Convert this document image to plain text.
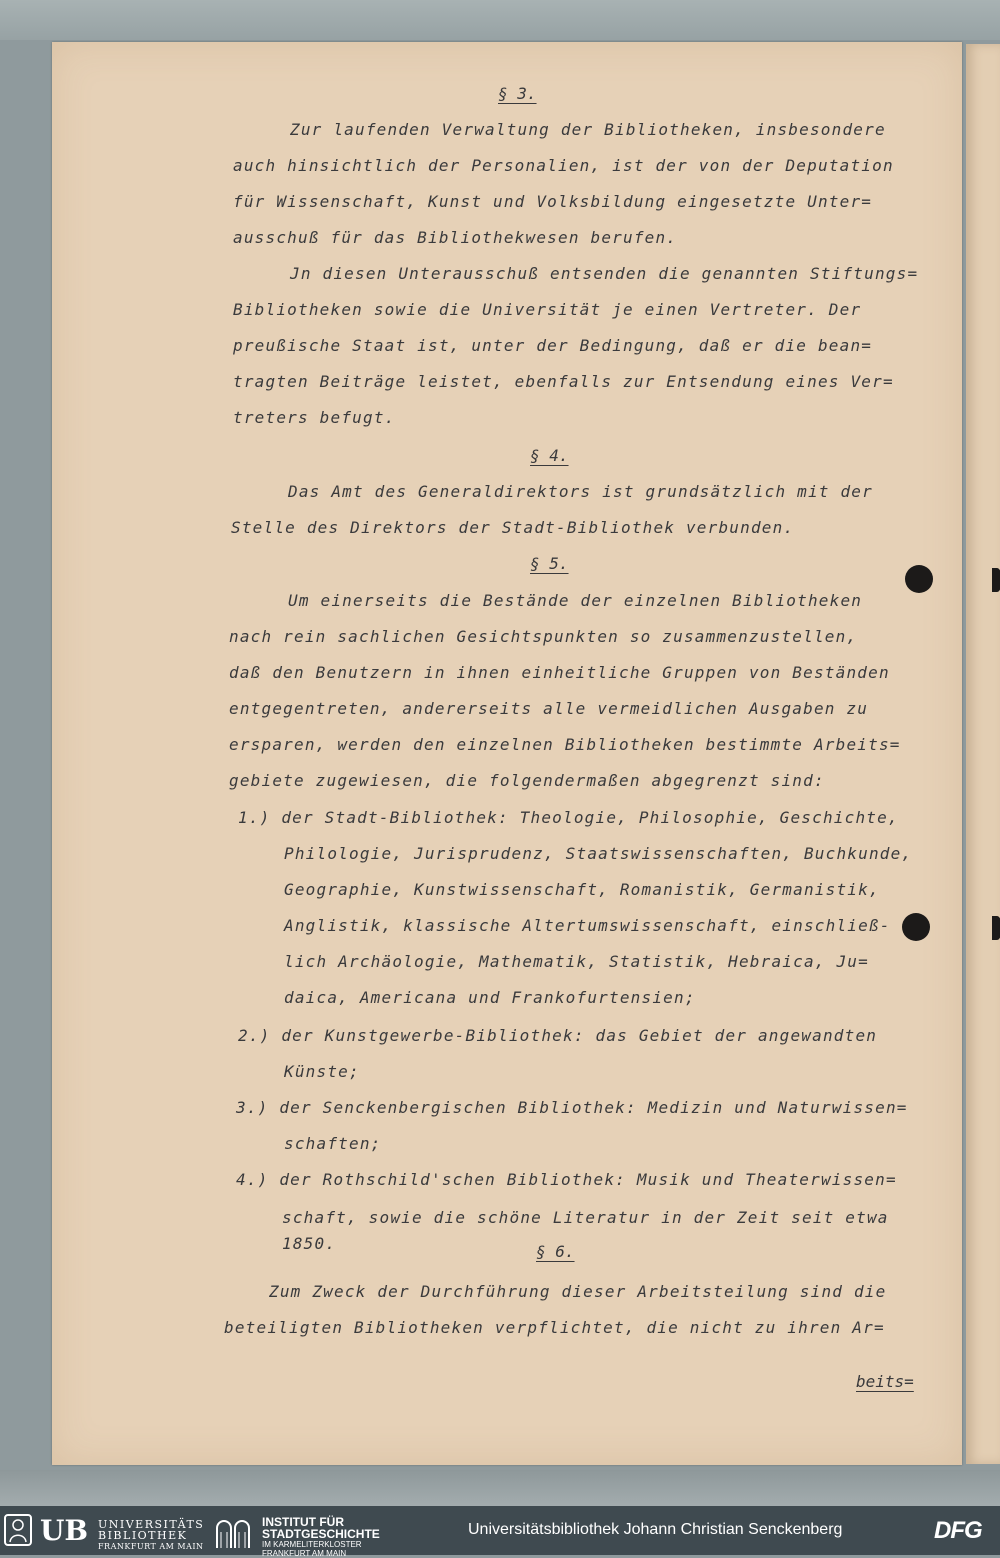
§ 3.
Zur laufenden Verwaltung der Bibliotheken, insbesondere
auch hinsichtlich der Personalien, ist der von der Deputation
für Wissenschaft, Kunst und Volksbildung eingesetzte Unter=
ausschuß für das Bibliothekwesen berufen.
Jn diesen Unterausschuß entsenden die genannten Stiftungs=
Bibliotheken sowie die Universität je einen Vertreter. Der
preußische Staat ist, unter der Bedingung, daß er die bean=
tragten Beiträge leistet, ebenfalls zur Entsendung eines Ver=
treters befugt.
§ 4.
Das Amt des Generaldirektors ist grundsätzlich mit der
Stelle des Direktors der Stadt-Bibliothek verbunden.
§ 5.
Um einerseits die Bestände der einzelnen Bibliotheken
nach rein sachlichen Gesichtspunkten so zusammenzustellen,
daß den Benutzern in ihnen einheitliche Gruppen von Beständen
entgegentreten, andererseits alle vermeidlichen Ausgaben zu
ersparen, werden den einzelnen Bibliotheken bestimmte Arbeits=
gebiete zugewiesen, die folgendermaßen abgegrenzt sind:
1.) der Stadt-Bibliothek: Theologie, Philosophie, Geschichte,
Philologie, Jurisprudenz, Staatswissenschaften, Buchkunde,
Geographie, Kunstwissenschaft, Romanistik, Germanistik,
Anglistik, klassische Altertumswissenschaft, einschließ-
lich Archäologie, Mathematik, Statistik, Hebraica, Ju=
daica, Americana und Frankofurtensien;
2.) der Kunstgewerbe-Bibliothek: das Gebiet der angewandten
Künste;
3.) der Senckenbergischen Bibliothek: Medizin und Naturwissen=
schaften;
4.) der Rothschild'schen Bibliothek: Musik und Theaterwissen=
schaft, sowie die schöne Literatur in der Zeit seit etwa
1850.	§ 6.
Zum Zweck der Durchführung dieser Arbeitsteilung sind die
beteiligten Bibliotheken verpflichtet, die nicht zu ihren Ar=
beits=
UB UNIVERSITÄTS
BIBLIOTHEK
FRANKFURT AM MAIN
INSTITUT FÜR
STADTGESCHICHTE
IM KARMELITERKLOSTER
FRANKFURT AM MAIN
Universitätsbibliothek Johann Christian Senckenberg	DFG
